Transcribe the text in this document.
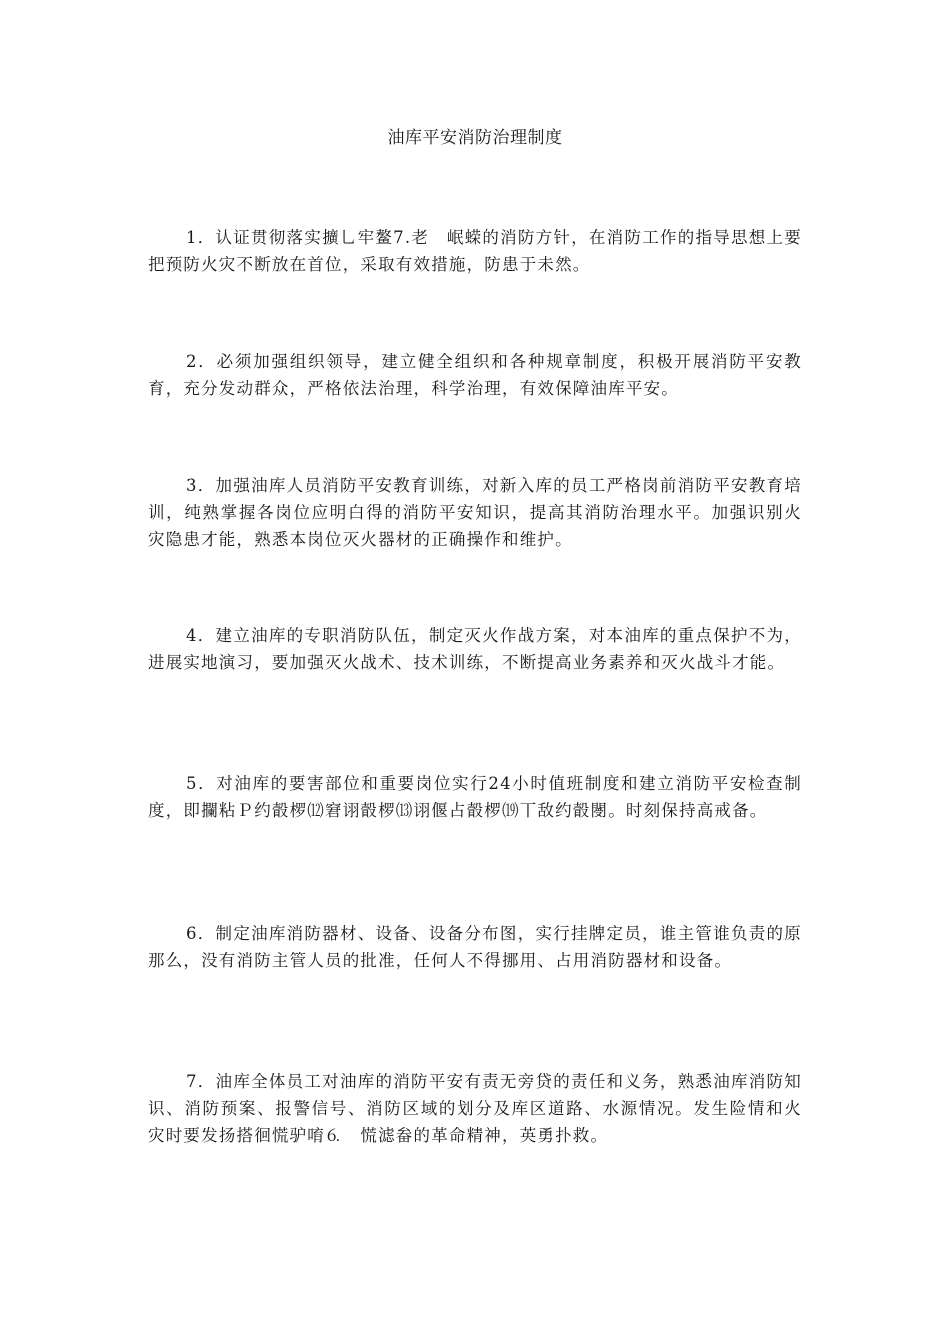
油库平安消防治理制度

1．认证贯彻落实擴乚牢鳌7.老　岷蝾的消防方针，在消防工作的指导思想上要把预防火灾不断放在首位，采取有效措施，防患于未然。

2．必须加强组织领导，建立健全组织和各种规章制度，积极开展消防平安教育，充分发动群众，严格依法治理，科学治理，有效保障油库平安。

3．加强油库人员消防平安教育训练，对新入库的员工严格岗前消防平安教育培训，纯熟掌握各岗位应明白得的消防平安知识，提高其消防治理水平。加强识别火灾隐患才能，熟悉本岗位灭火器材的正确操作和维护。

4．建立油库的专职消防队伍，制定灭火作战方案，对本油库的重点保护不为，进展实地演习，要加强灭火战术、技术训练，不断提高业务素养和灭火战斗才能。

5．对油库的要害部位和重要岗位实行24小时值班制度和建立消防平安检查制度，即攔粘Ｐ约瞉椤⑿窘诩瞉椤⒀诩偃占瞉椤⒆丅敌约瞉閿。时刻保持高戒备。

6．制定油库消防器材、设备、设备分布图，实行挂牌定员，谁主管谁负责的原那么，没有消防主管人员的批准，任何人不得挪用、占用消防器材和设备。

7．油库全体员工对油库的消防平安有责无旁贷的责任和义务，熟悉油库消防知识、消防预案、报警信号、消防区域的划分及库区道路、水源情况。发生险情和火灾时要发扬搭徊慌驴唷⒍　慌滤畚的革命精神，英勇扑救。
